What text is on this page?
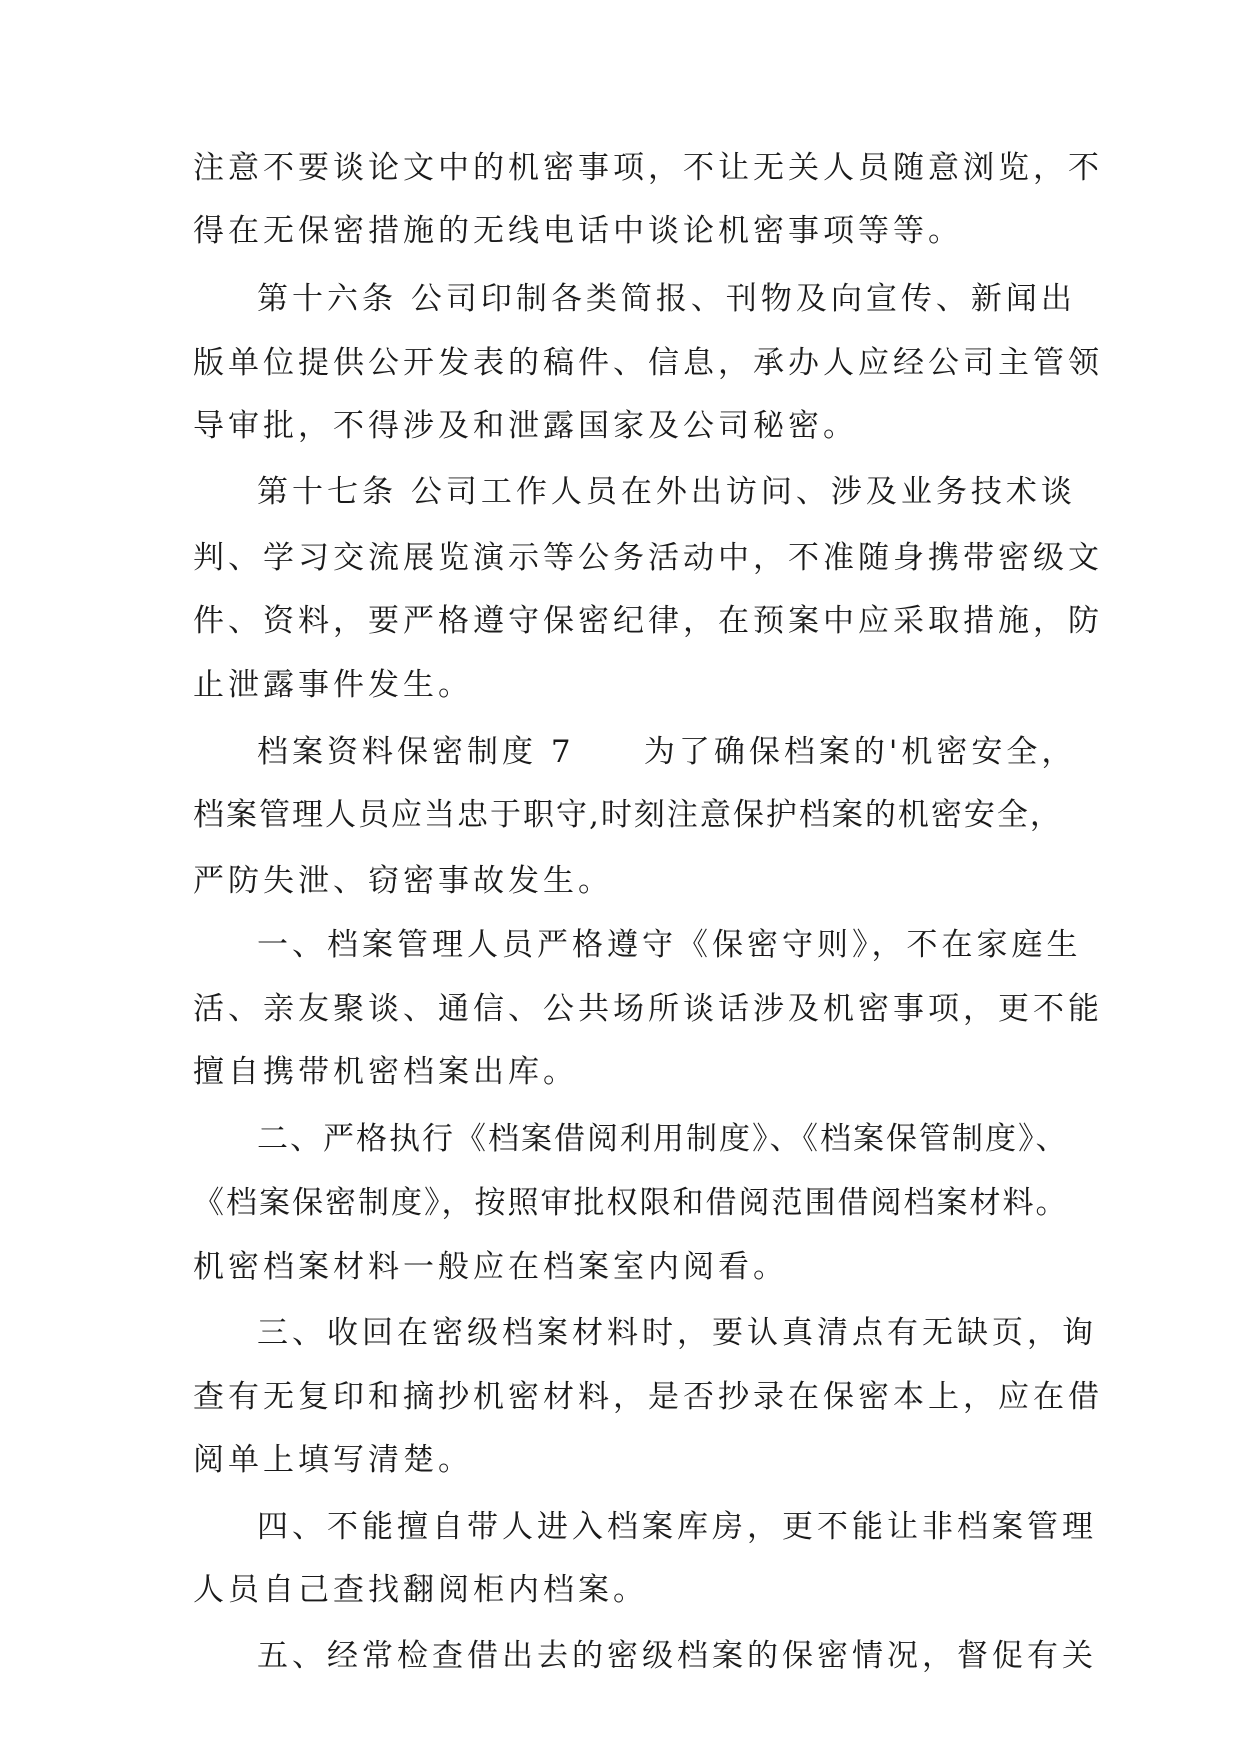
注意不要谈论文中的机密事项，不让无关人员随意浏览，不
得在无保密措施的无线电话中谈论机密事项等等。
第十六条 公司印制各类简报、刊物及向宣传、新闻出
版单位提供公开发表的稿件、信息，承办人应经公司主管领
导审批，不得涉及和泄露国家及公司秘密。
第十七条 公司工作人员在外出访问、涉及业务技术谈
判、学习交流展览演示等公务活动中，不准随身携带密级文
件、资料，要严格遵守保密纪律，在预案中应采取措施，防
止泄露事件发生。
档案资料保密制度 7     为了确保档案的'机密安全，
档案管理人员应当忠于职守,时刻注意保护档案的机密安全，
严防失泄、窃密事故发生。
一、档案管理人员严格遵守《保密守则》，不在家庭生
活、亲友聚谈、通信、公共场所谈话涉及机密事项，更不能
擅自携带机密档案出库。
二、严格执行《档案借阅利用制度》、《档案保管制度》、
《档案保密制度》，按照审批权限和借阅范围借阅档案材料。
机密档案材料一般应在档案室内阅看。
三、收回在密级档案材料时，要认真清点有无缺页，询
查有无复印和摘抄机密材料，是否抄录在保密本上，应在借
阅单上填写清楚。
四、不能擅自带人进入档案库房，更不能让非档案管理
人员自己查找翻阅柜内档案。
五、经常检查借出去的密级档案的保密情况，督促有关
